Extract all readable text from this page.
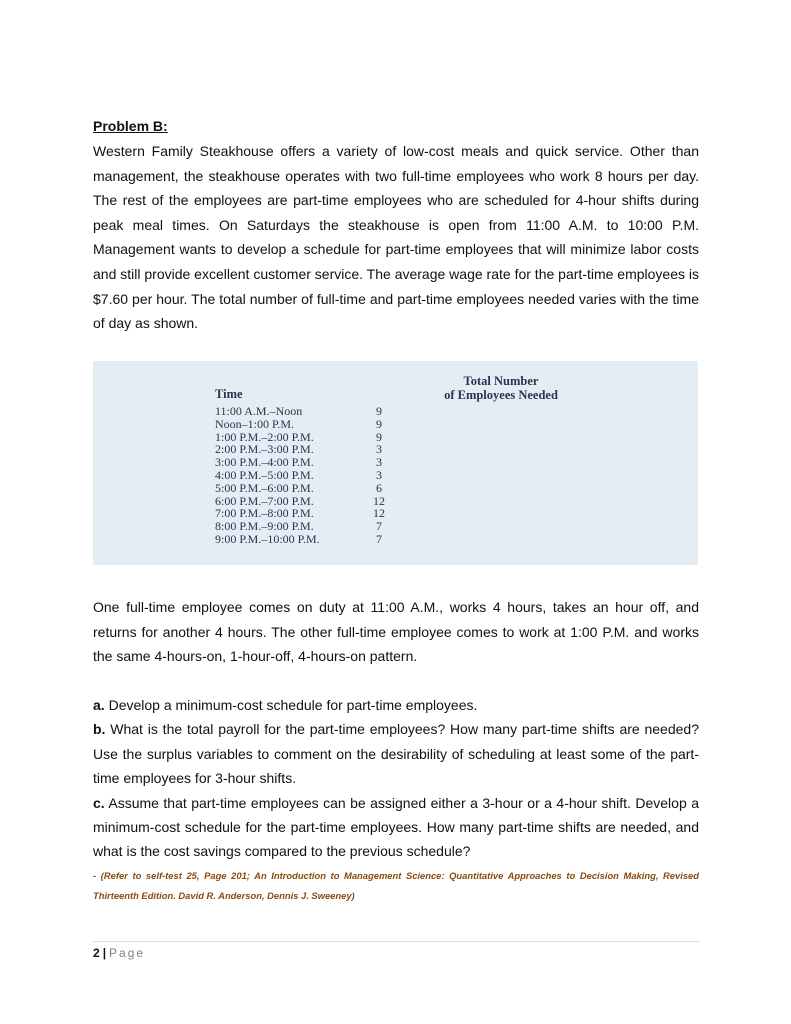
Problem B:

Western Family Steakhouse offers a variety of low-cost meals and quick service. Other than management, the steakhouse operates with two full-time employees who work 8 hours per day. The rest of the employees are part-time employees who are scheduled for 4-hour shifts during peak meal times. On Saturdays the steakhouse is open from 11:00 A.M. to 10:00 P.M. Management wants to develop a schedule for part-time employees that will minimize labor costs and still provide excellent customer service. The average wage rate for the part-time employees is $7.60 per hour. The total number of full-time and part-time employees needed varies with the time of day as shown.

Time
Total Number
of Employees Needed
11:00 A.M.–Noon	9
Noon–1:00 P.M.	9
1:00 P.M.–2:00 P.M.	9
2:00 P.M.–3:00 P.M.	3
3:00 P.M.–4:00 P.M.	3
4:00 P.M.–5:00 P.M.	3
5:00 P.M.–6:00 P.M.	6
6:00 P.M.–7:00 P.M.	12
7:00 P.M.–8:00 P.M.	12
8:00 P.M.–9:00 P.M.	7
9:00 P.M.–10:00 P.M.	7

One full-time employee comes on duty at 11:00 A.M., works 4 hours, takes an hour off, and returns for another 4 hours. The other full-time employee comes to work at 1:00 P.M. and works the same 4-hours-on, 1-hour-off, 4-hours-on pattern.

a. Develop a minimum-cost schedule for part-time employees.
b. What is the total payroll for the part-time employees? How many part-time shifts are needed? Use the surplus variables to comment on the desirability of scheduling at least some of the part-time employees for 3-hour shifts.
c. Assume that part-time employees can be assigned either a 3-hour or a 4-hour shift. Develop a minimum-cost schedule for the part-time employees. How many part-time shifts are needed, and what is the cost savings compared to the previous schedule?

- (Refer to self-test 25, Page 201; An Introduction to Management Science: Quantitative Approaches to Decision Making, Revised Thirteenth Edition. David R. Anderson, Dennis J. Sweeney)

2 | Page
